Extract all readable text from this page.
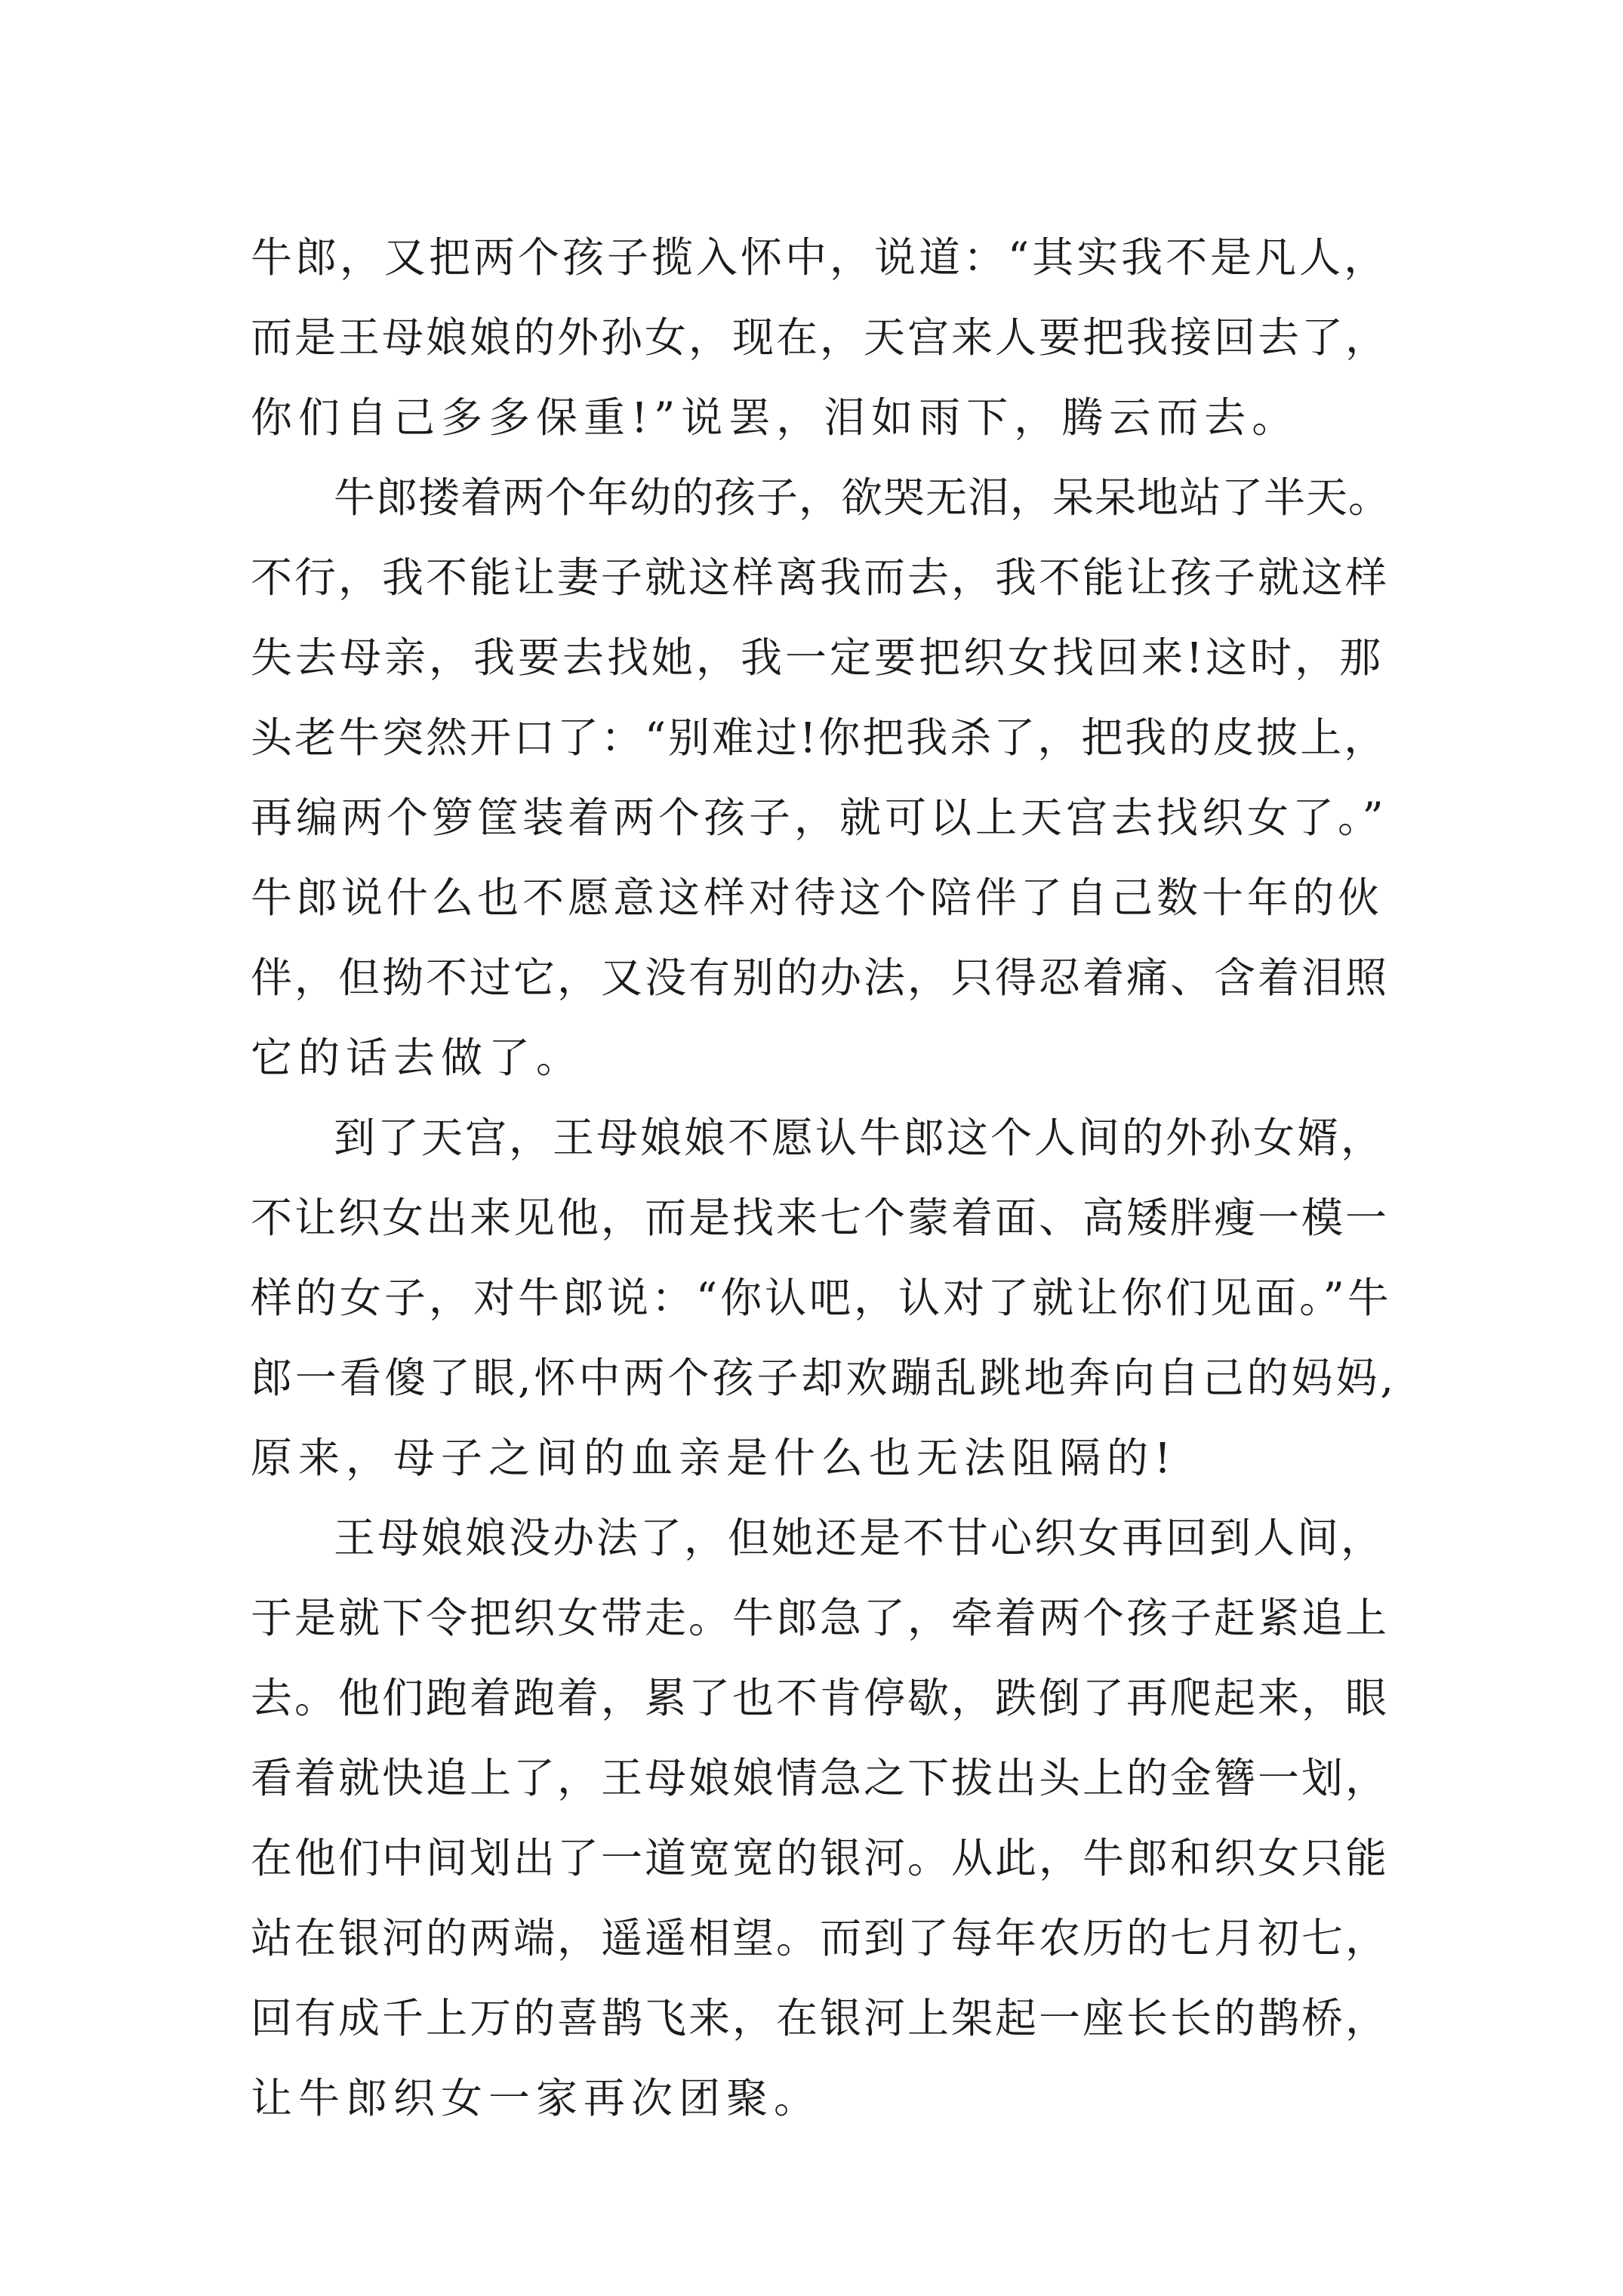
牛郎，又把两个孩子揽入怀中，说道：“其实我不是凡人，
而是王母娘娘的外孙女，现在，天宫来人要把我接回去了，
你们自己多多保重!”说罢，泪如雨下，腾云而去。
牛郎搂着两个年幼的孩子，欲哭无泪，呆呆地站了半天。
不行，我不能让妻子就这样离我而去，我不能让孩子就这样
失去母亲，我要去找她，我一定要把织女找回来!这时，那
头老牛突然开口了：“别难过!你把我杀了，把我的皮披上，
再编两个箩筐装着两个孩子，就可以上天宫去找织女了。”
牛郎说什么也不愿意这样对待这个陪伴了自己数十年的伙
伴，但拗不过它，又没有别的办法，只得忍着痛、含着泪照
它的话去做了。
到了天宫，王母娘娘不愿认牛郎这个人间的外孙女婿，
不让织女出来见他，而是找来七个蒙着面、高矮胖瘦一模一
样的女子，对牛郎说：“你认吧，认对了就让你们见面。”牛
郎一看傻了眼,怀中两个孩子却欢蹦乱跳地奔向自己的妈妈,
原来，母子之间的血亲是什么也无法阻隔的!
王母娘娘没办法了，但她还是不甘心织女再回到人间，
于是就下令把织女带走。牛郎急了，牵着两个孩子赶紧追上
去。他们跑着跑着，累了也不肯停歇，跌倒了再爬起来，眼
看着就快追上了，王母娘娘情急之下拔出头上的金簪一划，
在他们中间划出了一道宽宽的银河。从此，牛郎和织女只能
站在银河的两端，遥遥相望。而到了每年农历的七月初七，
回有成千上万的喜鹊飞来，在银河上架起一座长长的鹊桥，
让牛郎织女一家再次团聚。
